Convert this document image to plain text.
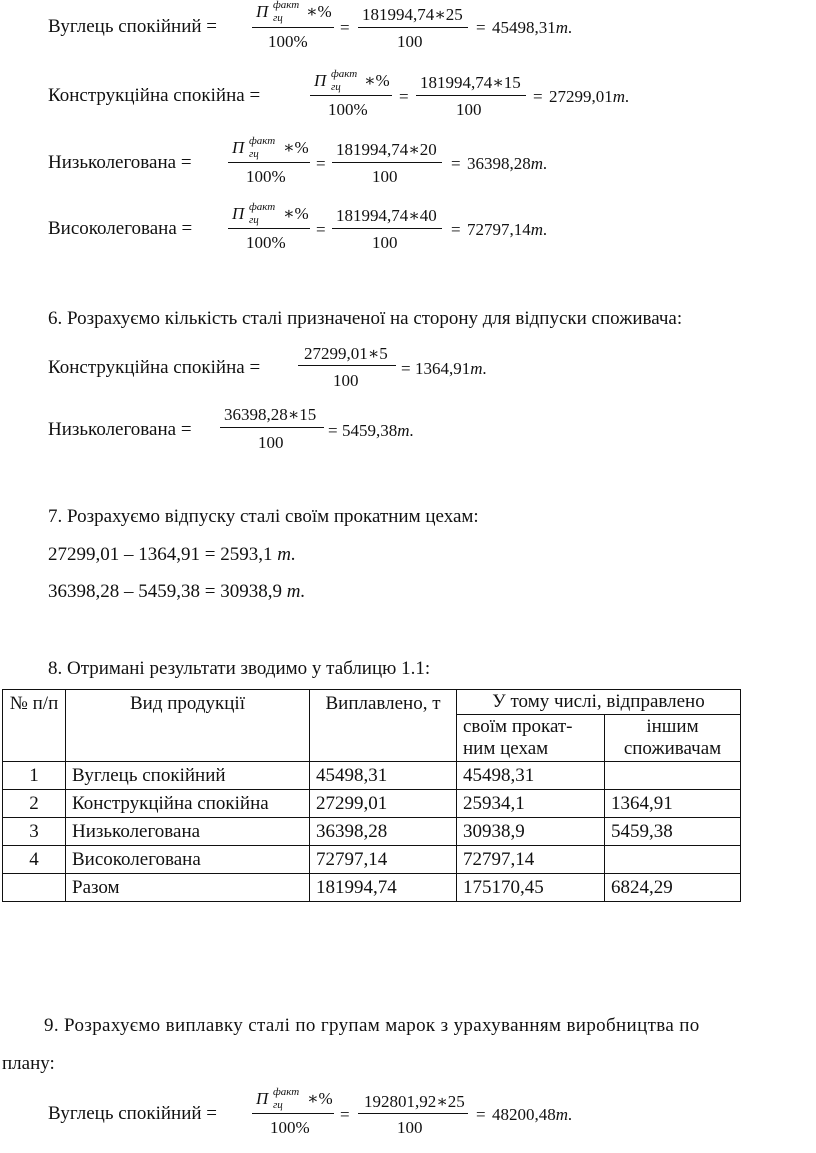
Вуглець спокійний =
П факт
гц ∗%
100%
=
181994,74∗25
100
= 45498,31т.
Конструкційна спокійна =
П факт
гц ∗%
100%
=
181994,74∗15
100
= 27299,01т.
Низьколегована =
П факт
гц ∗%
100%
=
181994,74∗20
100
= 36398,28т.
Високолегована =
П факт
гц ∗%
100%
=
181994,74∗40
100
= 72797,14т.
6. Розрахуємо кількість сталі призначеної на сторону для відпуски споживача:
Конструкційна спокійна =
27299,01∗5
100
= 1364,91т.
Низьколегована =
36398,28∗15
100
= 5459,38т.
7. Розрахуємо відпуску сталі своїм прокатним цехам:
27299,01 – 1364,91 = 2593,1 т.
36398,28 – 5459,38 = 30938,9 т.
8. Отримані результати зводимо у таблицю 1.1:
№ п/п	Вид продукції	Виплавлено, т	У тому числі, відправлено	
			своїм прокат-ним цехам	іншим споживачам
1	Вуглець спокійний	45498,31	45498,31	
2	Конструкційна спокійна	27299,01	25934,1	1364,91
3	Низьколегована	36398,28	30938,9	5459,38
4	Високолегована	72797,14	72797,14	
	Разом	181994,74	175170,45	6824,29
9. Розрахуємо виплавку сталі по групам марок з урахуванням виробництва по
плану:
Вуглець спокійний =
П факт
гц ∗%
100%
=
192801,92∗25
100
= 48200,48т.
